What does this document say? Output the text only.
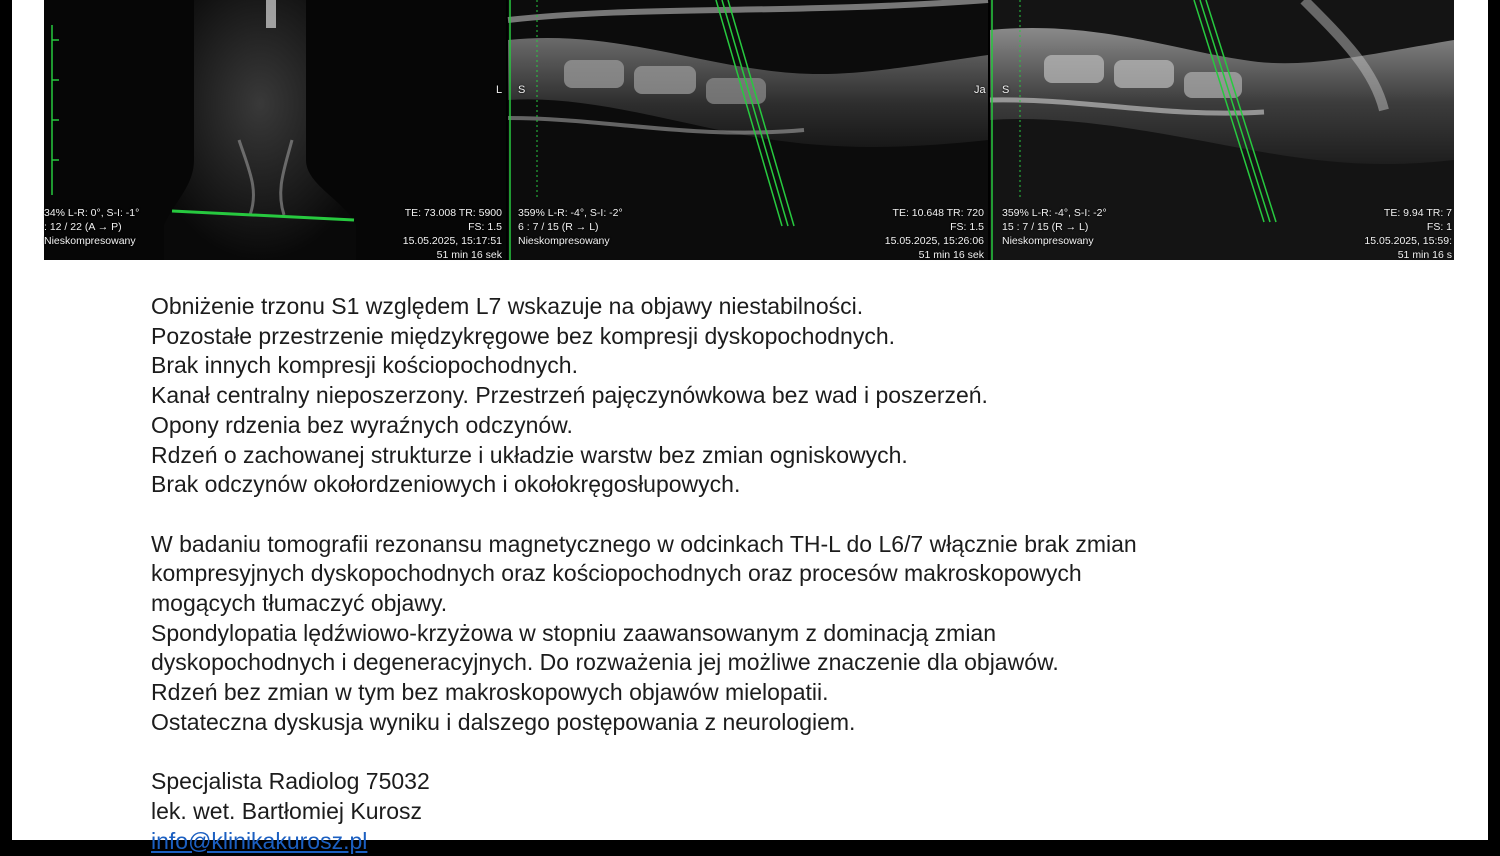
34% L-R: 0°, S-I: -1°
: 12 / 22 (A → P)
Nieskompresowany
TE: 73.008 TR: 5900
FS: 1.5
15.05.2025, 15:17:51
51 min 16 sek
L S
359% L-R: -4°, S-I: -2°
6 : 7 / 15 (R → L)
Nieskompresowany
TE: 10.648 TR: 720
FS: 1.5
15.05.2025, 15:26:06
51 min 16 sek
Ja S
359% L-R: -4°, S-I: -2°
15 : 7 / 15 (R → L)
Nieskompresowany
TE: 9.94 TR: 7
FS: 1
15.05.2025, 15:59:
51 min 16 s
Obniżenie trzonu S1 względem L7 wskazuje na objawy niestabilności.
Pozostałe przestrzenie międzykręgowe bez kompresji dyskopochodnych.
Brak innych kompresji kościopochodnych.
Kanał centralny nieposzerzony. Przestrzeń pajęczynówkowa bez wad i poszerzeń.
Opony rdzenia bez wyraźnych odczynów.
Rdzeń o zachowanej strukturze i układzie warstw bez zmian ogniskowych.
Brak odczynów okołordzeniowych i okołokręgosłupowych.
W badaniu tomografii rezonansu magnetycznego w odcinkach TH-L do L6/7 włącznie brak zmian
kompresyjnych dyskopochodnych oraz kościopochodnych oraz procesów makroskopowych
mogących tłumaczyć objawy.
Spondylopatia lędźwiowo-krzyżowa w stopniu zaawansowanym z dominacją zmian
dyskopochodnych i degeneracyjnych. Do rozważenia jej możliwe znaczenie dla objawów.
Rdzeń bez zmian w tym bez makroskopowych objawów mielopatii.
Ostateczna dyskusja wyniku i dalszego postępowania z neurologiem.
Specjalista Radiolog 75032
lek. wet. Bartłomiej Kurosz
info@klinikakurosz.pl
